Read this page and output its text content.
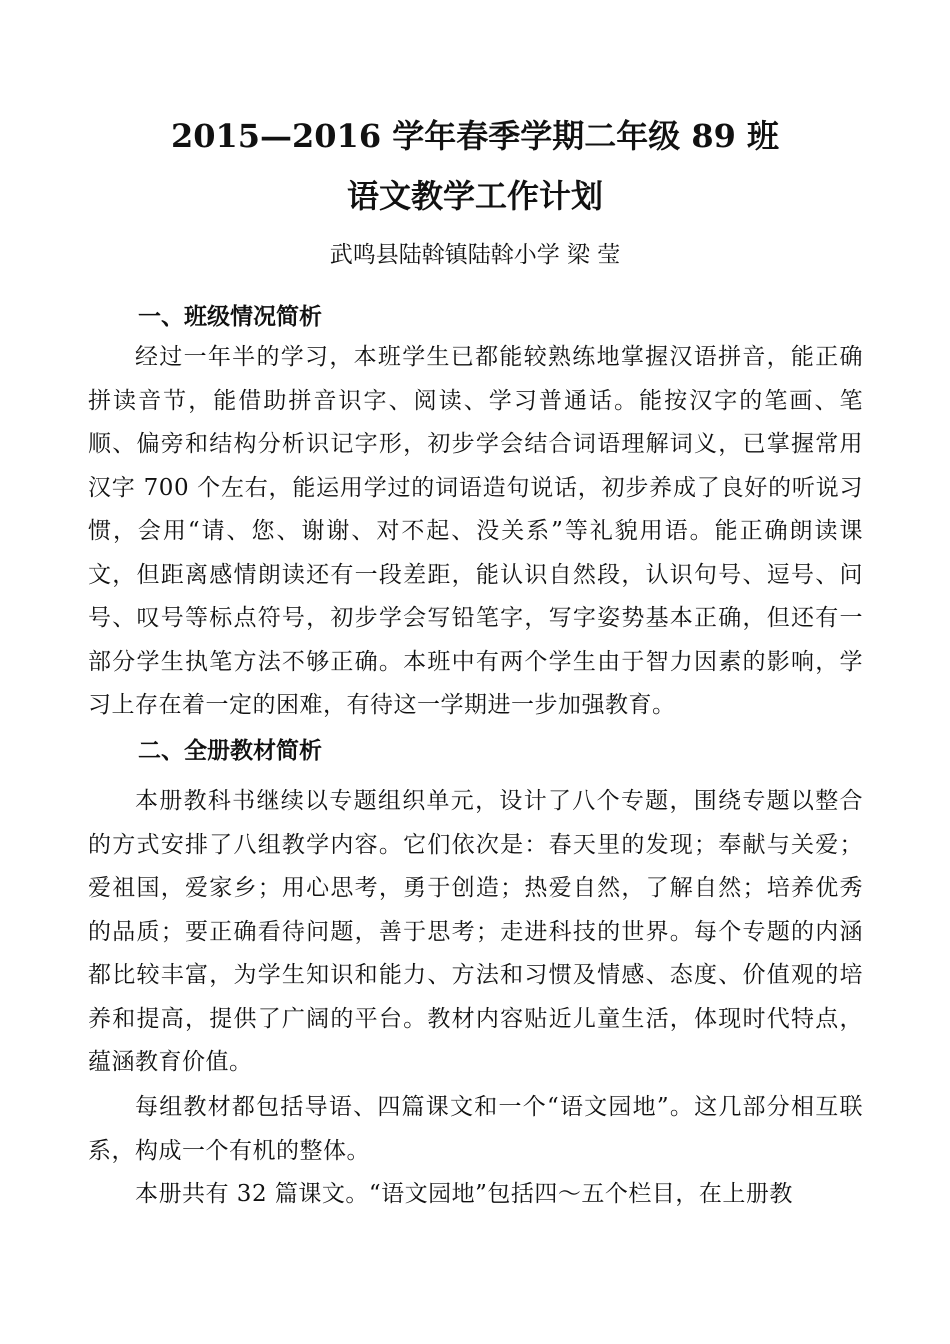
2015—2016 学年春季学期二年级 89 班
语文教学工作计划
武鸣县陆斡镇陆斡小学 梁 莹
一、班级情况简析

经过一年半的学习，本班学生已都能较熟练地掌握汉语拼音，能正确拼读音节，能借助拼音识字、阅读、学习普通话。能按汉字的笔画、笔顺、偏旁和结构分析识记字形，初步学会结合词语理解词义，已掌握常用汉字 700 个左右，能运用学过的词语造句说话，初步养成了良好的听说习惯，会用“请、您、谢谢、对不起、没关系”等礼貌用语。能正确朗读课文，但距离感情朗读还有一段差距，能认识自然段，认识句号、逗号、问号、叹号等标点符号，初步学会写铅笔字，写字姿势基本正确，但还有一部分学生执笔方法不够正确。本班中有两个学生由于智力因素的影响，学习上存在着一定的困难，有待这一学期进一步加强教育。

二、全册教材简析

本册教科书继续以专题组织单元，设计了八个专题，围绕专题以整合的方式安排了八组教学内容。它们依次是：春天里的发现；奉献与关爱；爱祖国，爱家乡；用心思考，勇于创造；热爱自然，了解自然；培养优秀的品质；要正确看待问题，善于思考；走进科技的世界。每个专题的内涵都比较丰富，为学生知识和能力、方法和习惯及情感、态度、价值观的培养和提高，提供了广阔的平台。教材内容贴近儿童生活，体现时代特点，蕴涵教育价值。

每组教材都包括导语、四篇课文和一个“语文园地”。这几部分相互联系，构成一个有机的整体。

本册共有 32 篇课文。“语文园地”包括四～五个栏目，在上册教
